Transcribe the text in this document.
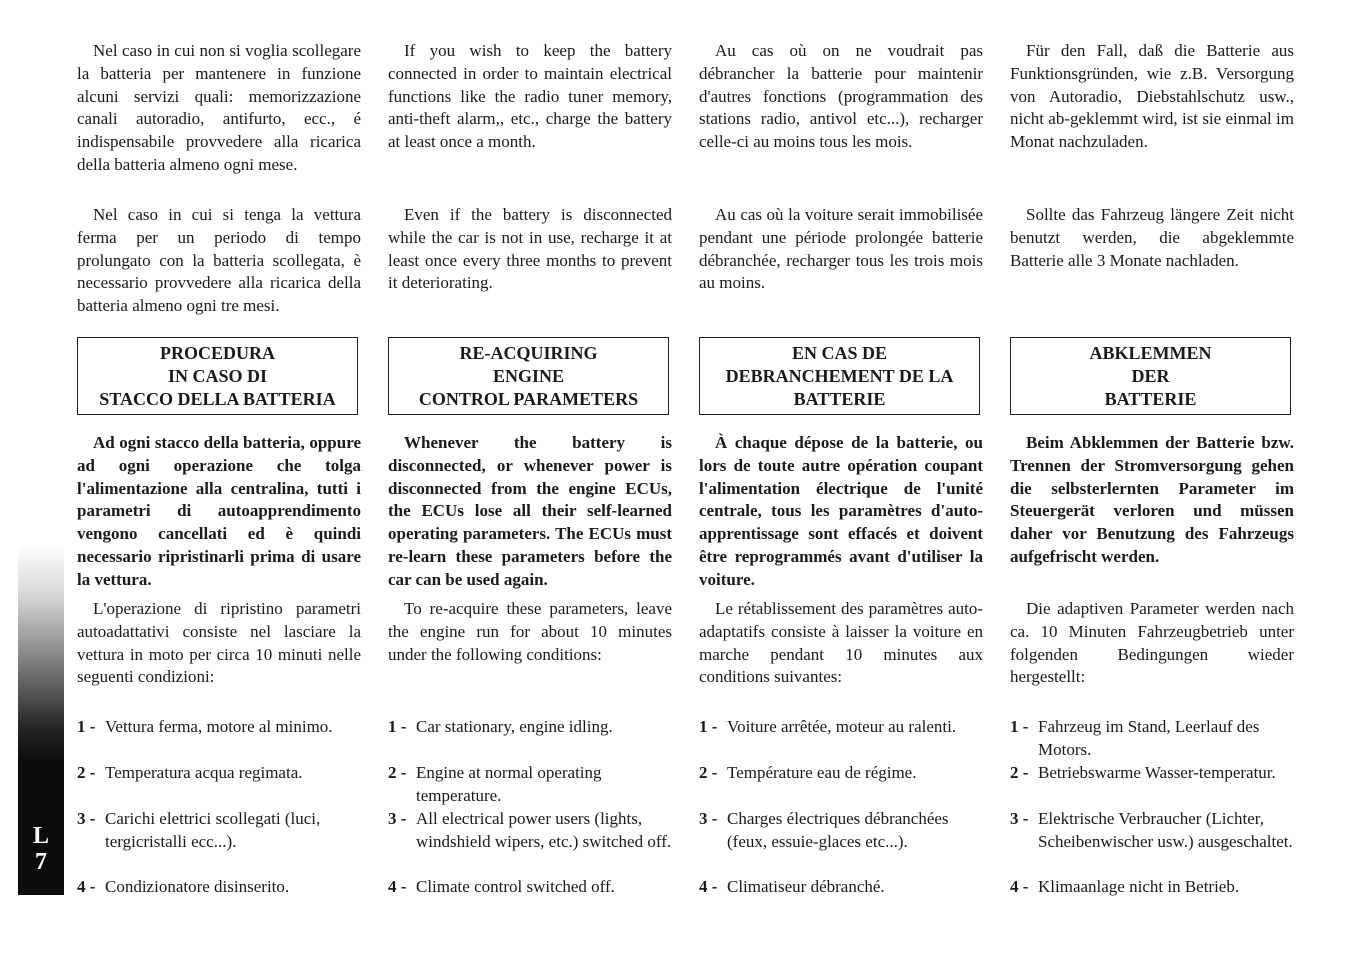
L
7

Nel caso in cui non si voglia scollegare la batteria per mantenere in funzione alcuni servizi quali: memorizzazione canali autoradio, antifurto, ecc., é indispensabile provvedere alla ricarica della batteria almeno ogni mese.

Nel caso in cui si tenga la vettura ferma per un periodo di tempo prolungato con la batteria scollegata, è necessario provvedere alla ricarica della batteria almeno ogni tre mesi.

PROCEDURA
IN CASO DI
STACCO DELLA BATTERIA

Ad ogni stacco della batteria, oppure ad ogni operazione che tolga l'alimentazione alla centralina, tutti i parametri di autoapprendimento vengono cancellati ed è quindi necessario ripristinarli prima di usare la vettura.

L'operazione di ripristino parametri autoadattativi consiste nel lasciare la vettura in moto per circa 10 minuti nelle seguenti condizioni:

1 - Vettura ferma, motore al minimo.
2 - Temperatura acqua regimata.
3 - Carichi elettrici scollegati (luci, tergicristalli ecc...).
4 - Condizionatore disinserito.

If you wish to keep the battery connected in order to maintain electrical functions like the radio tuner memory, anti-theft alarm,, etc., charge the battery at least once a month.

Even if the battery is disconnected while the car is not in use, recharge it at least once every three months to prevent it deteriorating.

RE-ACQUIRING
ENGINE
CONTROL PARAMETERS

Whenever the battery is disconnected, or whenever power is disconnected from the engine ECUs, the ECUs lose all their self-learned operating parameters. The ECUs must re-learn these parameters before the car can be used again.

To re-acquire these parameters, leave the engine run for about 10 minutes under the following conditions:

1 - Car stationary, engine idling.
2 - Engine at normal operating temperature.
3 - All electrical power users (lights, windshield wipers, etc.) switched off.
4 - Climate control switched off.

Au cas où on ne voudrait pas débrancher la batterie pour maintenir d'autres fonctions (programmation des stations radio, antivol etc...), recharger celle-ci au moins tous les mois.

Au cas où la voiture serait immobilisée pendant une période prolongée batterie débranchée, recharger tous les trois mois au moins.

EN CAS DE
DEBRANCHEMENT DE LA
BATTERIE

À chaque dépose de la batterie, ou lors de toute autre opération coupant l'alimentation électrique de l'unité centrale, tous les paramètres d'auto-apprentissage sont effacés et doivent être reprogrammés avant d'utiliser la voiture.

Le rétablissement des paramètres auto-adaptatifs consiste à laisser la voiture en marche pendant 10 minutes aux conditions suivantes:

1 - Voiture arrêtée, moteur au ralenti.
2 - Température eau de régime.
3 - Charges électriques débranchées (feux, essuie-glaces etc...).
4 - Climatiseur débranché.

Für den Fall, daß die Batterie aus Funktionsgründen, wie z.B. Versorgung von Autoradio, Diebstahlschutz usw., nicht ab-geklemmt wird, ist sie einmal im Monat nachzuladen.

Sollte das Fahrzeug längere Zeit nicht benutzt werden, die abgeklemmte Batterie alle 3 Monate nachladen.

ABKLEMMEN
DER
BATTERIE

Beim Abklemmen der Batterie bzw. Trennen der Stromversorgung gehen die selbsterlernten Parameter im Steuergerät verloren und müssen daher vor Benutzung des Fahrzeugs aufgefrischt werden.

Die adaptiven Parameter werden nach ca. 10 Minuten Fahrzeugbetrieb unter folgenden Bedingungen wieder hergestellt:

1 - Fahrzeug im Stand, Leerlauf des Motors.
2 - Betriebswarme Wasser-temperatur.
3 - Elektrische Verbraucher (Lichter, Scheibenwischer usw.) ausgeschaltet.
4 - Klimaanlage nicht in Betrieb.
